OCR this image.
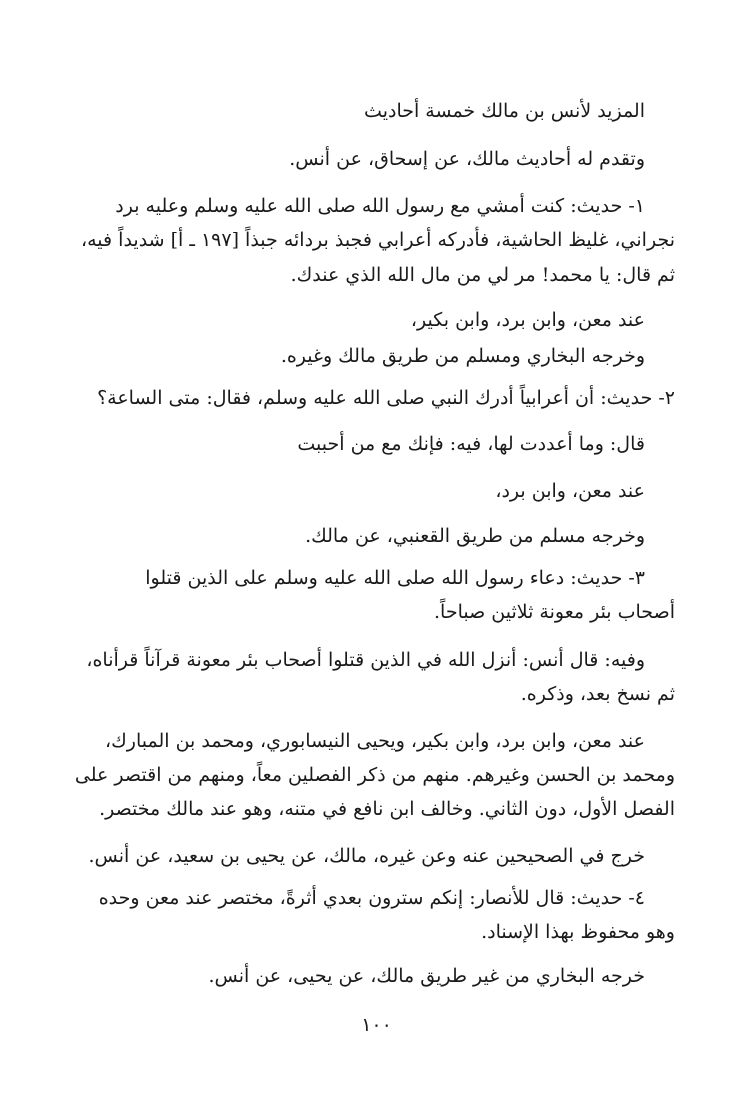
المزيد لأنس بن مالك خمسة أحاديث
وتقدم له أحاديث مالك، عن إسحاق، عن أنس.
١- حديث: كنت أمشي مع رسول الله صلى الله عليه وسلم وعليه برد
نجراني، غليظ الحاشية، فأدركه أعرابي فجبذ بردائه جبذاً [١٩٧ ـ أ] شديداً فيه،
ثم قال: يا محمد! مر لي من مال الله الذي عندك.
عند معن، وابن برد، وابن بكير،
وخرجه البخاري ومسلم من طريق مالك وغيره.
٢- حديث: أن أعرابياً أدرك النبي صلى الله عليه وسلم، فقال: متى الساعة؟
قال: وما أعددت لها، فيه: فإنك مع من أحببت
عند معن، وابن برد،
وخرجه مسلم من طريق القعنبي، عن مالك.
٣- حديث: دعاء رسول الله صلى الله عليه وسلم على الذين قتلوا
أصحاب بئر معونة ثلاثين صباحاً.
وفيه: قال أنس: أنزل الله في الذين قتلوا أصحاب بئر معونة قرآناً قرأناه،
ثم نسخ بعد، وذكره.
عند معن، وابن برد، وابن بكير، ويحيى النيسابوري، ومحمد بن المبارك،
ومحمد بن الحسن وغيرهم. منهم من ذكر الفصلين معاً، ومنهم من اقتصر على
الفصل الأول، دون الثاني. وخالف ابن نافع في متنه، وهو عند مالك مختصر.
خرج في الصحيحين عنه وعن غيره، مالك، عن يحيى بن سعيد، عن أنس.
٤- حديث: قال للأنصار: إنكم سترون بعدي أثرةً، مختصر عند معن وحده
وهو محفوظ بهذا الإسناد.
خرجه البخاري من غير طريق مالك، عن يحيى، عن أنس.
١٠٠
